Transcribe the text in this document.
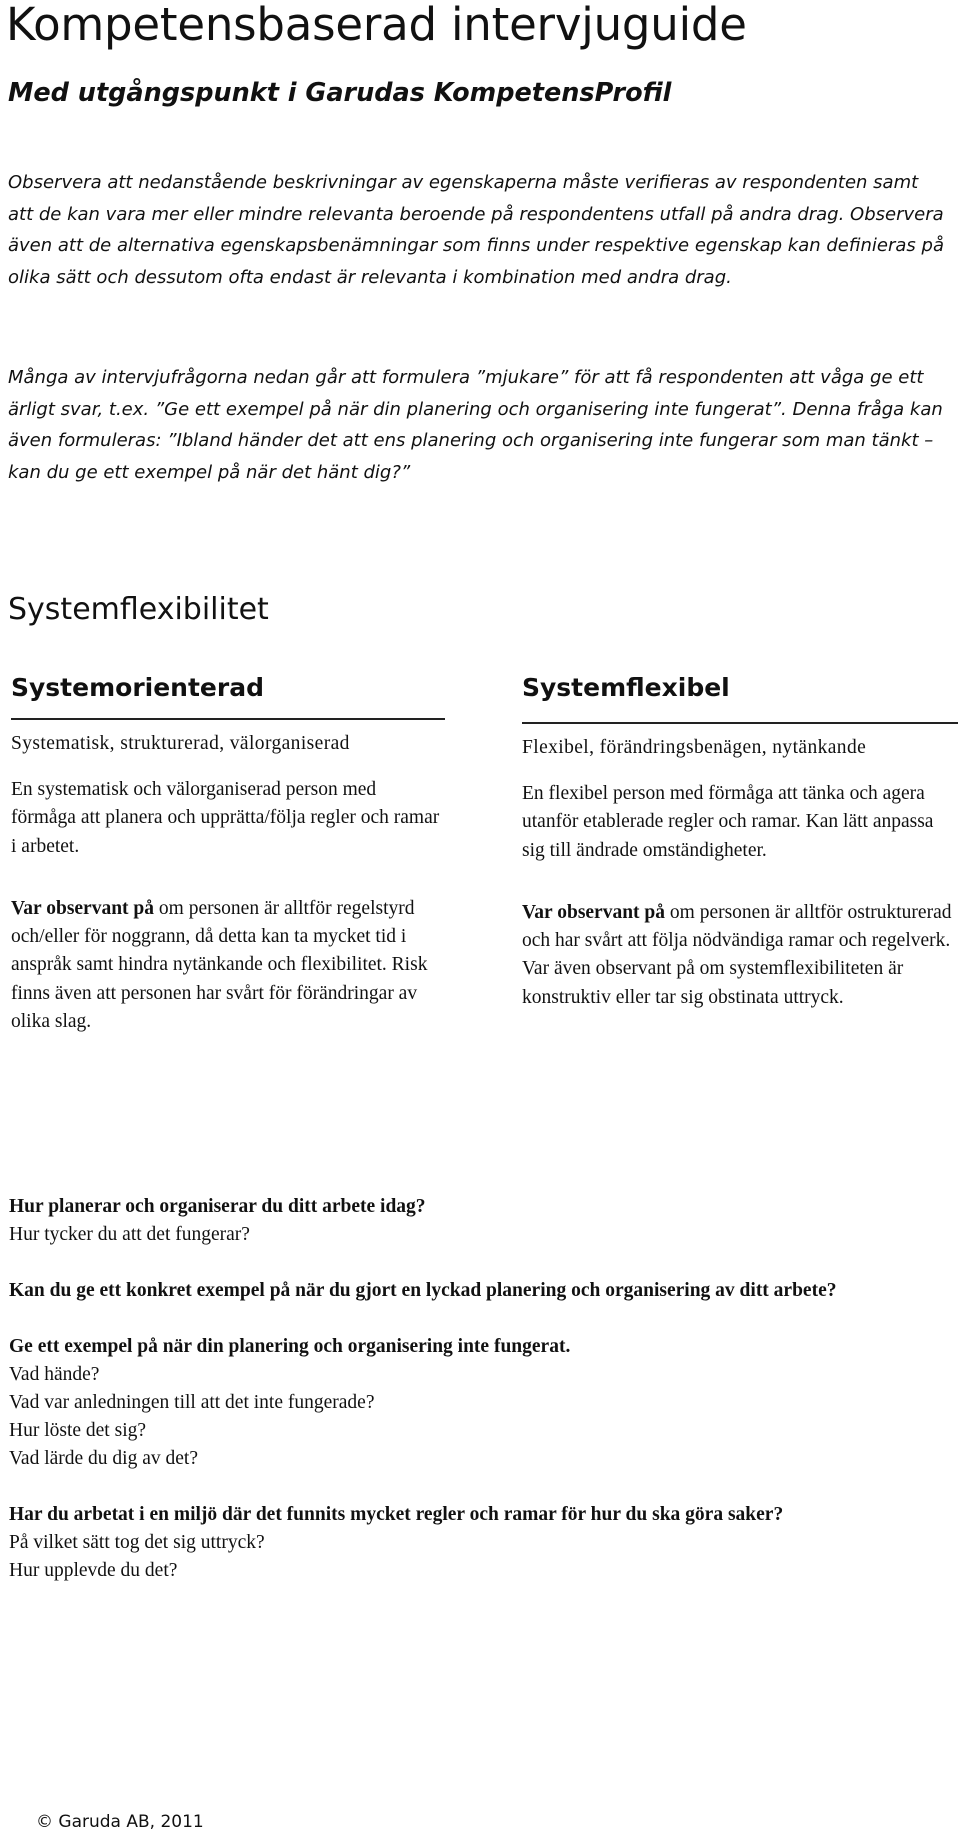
Kompetensbaserad intervjuguide
Med utgångspunkt i Garudas KompetensProfil

Observera att nedanstående beskrivningar av egenskaperna måste verifieras av respondenten samt att de kan vara mer eller mindre relevanta beroende på respondentens utfall på andra drag. Observera även att de alternativa egenskapsbenämningar som finns under respektive egenskap kan definieras på olika sätt och dessutom ofta endast är relevanta i kombination med andra drag.

Många av intervjufrågorna nedan går att formulera ”mjukare” för att få respondenten att våga ge ett ärligt svar, t.ex. ”Ge ett exempel på när din planering och organisering inte fungerat”. Denna fråga kan även formuleras: ”Ibland händer det att ens planering och organisering inte fungerar som man tänkt – kan du ge ett exempel på när det hänt dig?”

Systemflexibilitet
Systemorienterad

Systematisk, strukturerad, välorganiserad

En systematisk och välorganiserad person med förmåga att planera och upprätta/följa regler och ramar i arbetet.

Var observant på om personen är alltför regelstyrd och/eller för noggrann, då detta kan ta mycket tid i anspråk samt hindra nytänkande och flexibilitet. Risk finns även att personen har svårt för förändringar av olika slag.

Systemflexibel

Flexibel, förändringsbenägen, nytänkande

En flexibel person med förmåga att tänka och agera utanför etablerade regler och ramar. Kan lätt anpassa sig till ändrade omständigheter.

Var observant på om personen är alltför ostrukturerad och har svårt att följa nödvändiga ramar och regelverk. Var även observant på om systemflexibiliteten är konstruktiv eller tar sig obstinata uttryck.

Hur planerar och organiserar du ditt arbete idag?

Hur tycker du att det fungerar?

Kan du ge ett konkret exempel på när du gjort en lyckad planering och organisering av ditt arbete?

Ge ett exempel på när din planering och organisering inte fungerat.

Vad hände?

Vad var anledningen till att det inte fungerade?

Hur löste det sig?

Vad lärde du dig av det?

Har du arbetat i en miljö där det funnits mycket regler och ramar för hur du ska göra saker?

På vilket sätt tog det sig uttryck?

Hur upplevde du det?

© Garuda AB, 2011
